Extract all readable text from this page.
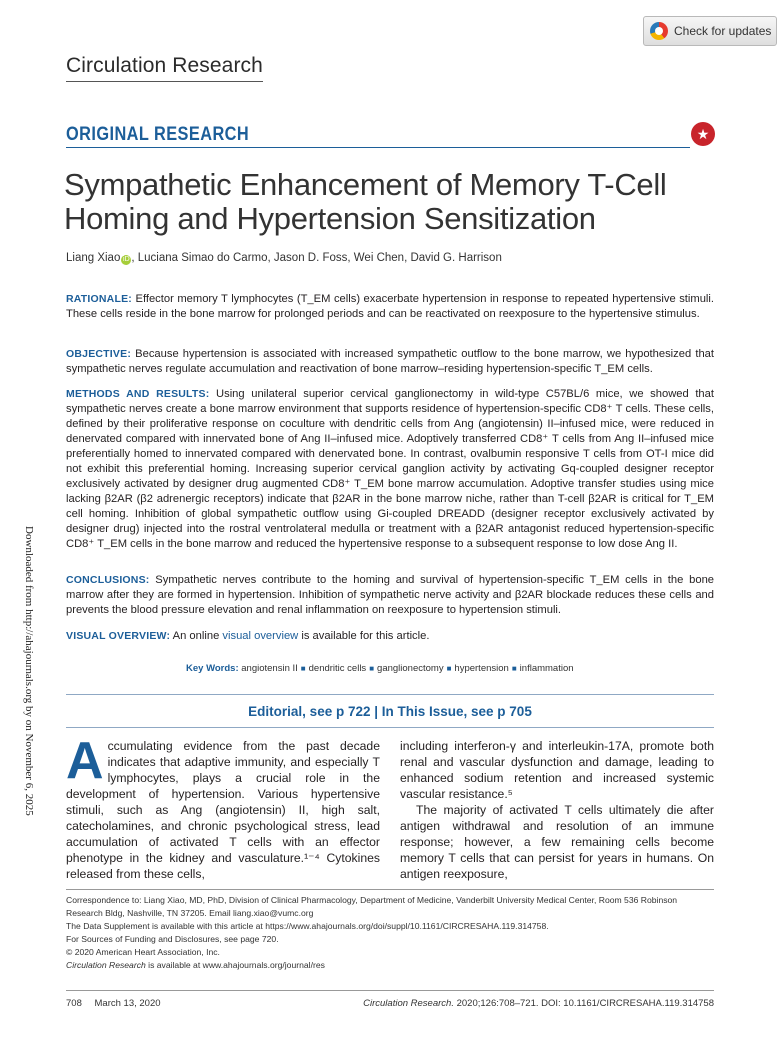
Check for updates
Circulation Research
ORIGINAL RESEARCH	★
Sympathetic Enhancement of Memory T-Cell Homing and Hypertension Sensitization
Liang Xiao iD , Luciana Simao do Carmo, Jason D. Foss, Wei Chen, David G. Harrison
RATIONALE: Effector memory T lymphocytes (T_EM cells) exacerbate hypertension in response to repeated hypertensive stimuli. These cells reside in the bone marrow for prolonged periods and can be reactivated on reexposure to the hypertensive stimulus.
OBJECTIVE: Because hypertension is associated with increased sympathetic outflow to the bone marrow, we hypothesized that sympathetic nerves regulate accumulation and reactivation of bone marrow–residing hypertension-specific T_EM cells.
METHODS AND RESULTS: Using unilateral superior cervical ganglionectomy in wild-type C57BL/6 mice, we showed that sympathetic nerves create a bone marrow environment that supports residence of hypertension-specific CD8⁺ T cells. These cells, defined by their proliferative response on coculture with dendritic cells from Ang (angiotensin) II–infused mice, were reduced in denervated compared with innervated bone of Ang II–infused mice. Adoptively transferred CD8⁺ T cells from Ang II–infused mice preferentially homed to innervated compared with denervated bone. In contrast, ovalbumin responsive T cells from OT-I mice did not exhibit this preferential homing. Increasing superior cervical ganglion activity by activating Gq-coupled designer receptor exclusively activated by designer drug augmented CD8⁺ T_EM bone marrow accumulation. Adoptive transfer studies using mice lacking β2AR (β2 adrenergic receptors) indicate that β2AR in the bone marrow niche, rather than T-cell β2AR is critical for T_EM cell homing. Inhibition of global sympathetic outflow using Gi-coupled DREADD (designer receptor exclusively activated by designer drug) injected into the rostral ventrolateral medulla or treatment with a β2AR antagonist reduced hypertension-specific CD8⁺ T_EM cells in the bone marrow and reduced the hypertensive response to a subsequent response to low dose Ang II.
CONCLUSIONS: Sympathetic nerves contribute to the homing and survival of hypertension-specific T_EM cells in the bone marrow after they are formed in hypertension. Inhibition of sympathetic nerve activity and β2AR blockade reduces these cells and prevents the blood pressure elevation and renal inflammation on reexposure to hypertension stimuli.
VISUAL OVERVIEW: An online visual overview is available for this article.
Key Words: angiotensin II ■ dendritic cells ■ ganglionectomy ■ hypertension ■ inflammation
Editorial, see p 722 | In This Issue, see p 705
Accumulating evidence from the past decade indicates that adaptive immunity, and especially T lymphocytes, plays a crucial role in the development of hypertension. Various hypertensive stimuli, such as Ang (angiotensin) II, high salt, catecholamines, and chronic psychological stress, lead accumulation of activated T cells with an effector phenotype in the kidney and vasculature.¹⁻⁴ Cytokines released from these cells,
including interferon-γ and interleukin-17A, promote both renal and vascular dysfunction and damage, leading to enhanced sodium retention and increased systemic vascular resistance.⁵
The majority of activated T cells ultimately die after antigen withdrawal and resolution of an immune response; however, a few remaining cells become memory T cells that can persist for years in humans. On antigen reexposure,

Correspondence to: Liang Xiao, MD, PhD, Division of Clinical Pharmacology, Department of Medicine, Vanderbilt University Medical Center, Room 536 Robinson Research Bldg, Nashville, TN 37205. Email liang.xiao@vumc.org

The Data Supplement is available with this article at https://www.ahajournals.org/doi/suppl/10.1161/CIRCRESAHA.119.314758.

For Sources of Funding and Disclosures, see page 720.

© 2020 American Heart Association, Inc.

Circulation Research is available at www.ahajournals.org/journal/res

708 March 13, 2020	Circulation Research. 2020;126:708–721. DOI: 10.1161/CIRCRESAHA.119.314758
Downloaded from http://ahajournals.org by on November 6, 2025
